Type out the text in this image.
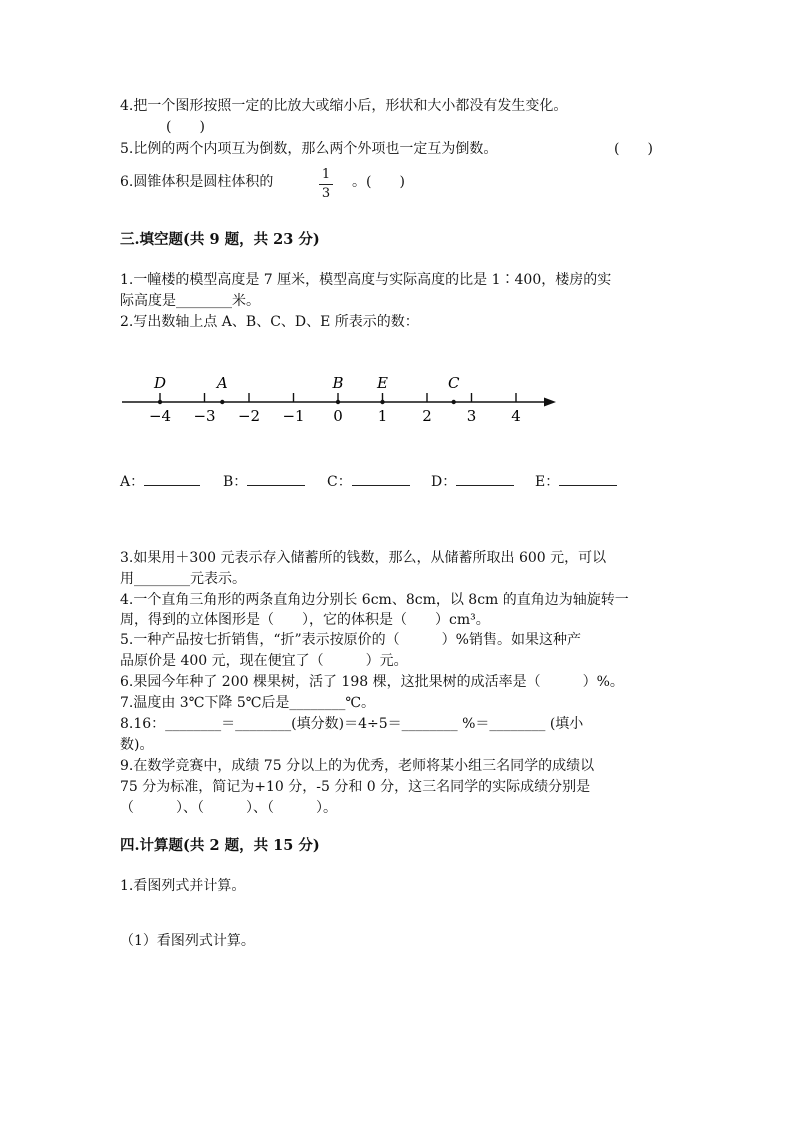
4.把一个图形按照一定的比放大或缩小后，形状和大小都没有发生变化。
(　　)
5.比例的两个内项互为倒数，那么两个外项也一定互为倒数。	(　　)
6.圆锥体积是圆柱体积的	1
3
。(　　)
三.填空题(共 9 题，共 23 分)
1.一幢楼的模型高度是 7 厘米，模型高度与实际高度的比是 1∶400，楼房的实
际高度是________米。
2.写出数轴上点 A、B、C、D、E 所表示的数：
−4 −3 −2 −1 0 1 2 3 4
D	A	B E	C
A：	B：	C：	D：	E：
3.如果用＋300 元表示存入储蓄所的钱数，那么，从储蓄所取出 600 元，可以
用________元表示。
4.一个直角三角形的两条直角边分别长 6cm、8cm，以 8cm 的直角边为轴旋转一
周，得到的立体图形是（　　），它的体积是（　　）cm³。
5.一种产品按七折销售，“折”表示按原价的（　　　）%销售。如果这种产
品原价是 400 元，现在便宜了（　　　）元。
6.果园今年种了 200 棵果树，活了 198 棵，这批果树的成活率是（　　　）%。
7.温度由 3℃下降 5℃后是________℃。
8.16：________＝________(填分数)＝4÷5＝________ %＝________ (填小
数)。
9.在数学竞赛中，成绩 75 分以上的为优秀，老师将某小组三名同学的成绩以
75 分为标准，简记为+10 分，-5 分和 0 分，这三名同学的实际成绩分别是
（　　　）、（　　　）、（　　　）。
四.计算题(共 2 题，共 15 分)
1.看图列式并计算。
（1）看图列式计算。
